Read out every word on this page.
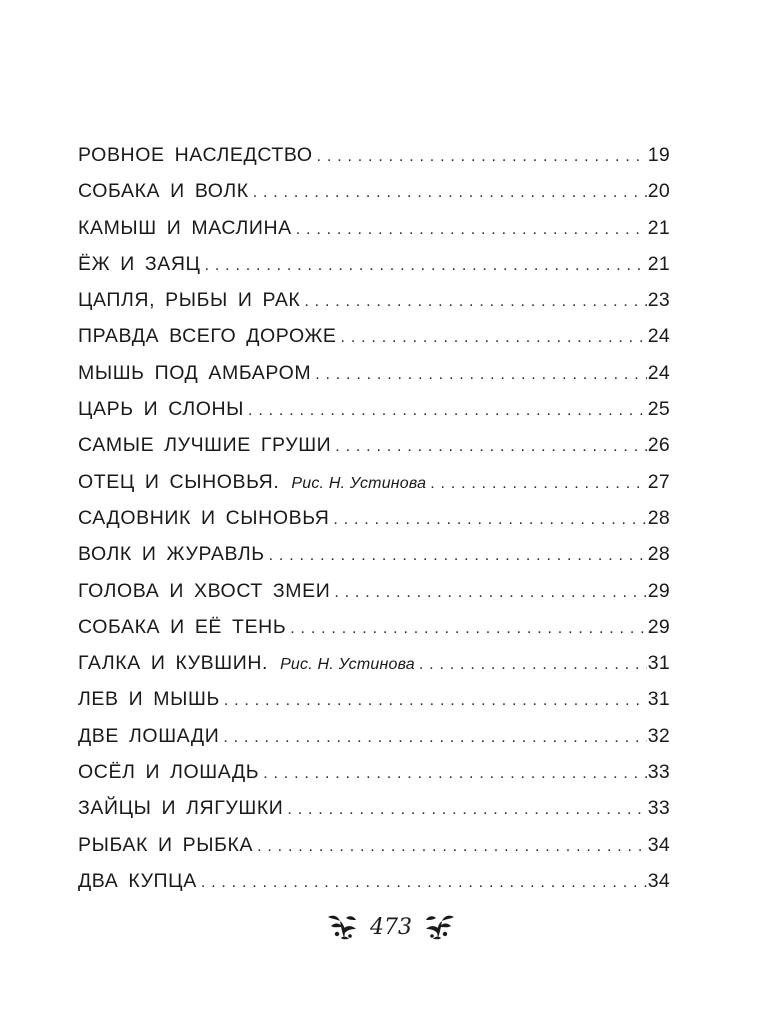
РОВНОЕ НАСЛЕДСТВО . . .	19
СОБАКА И ВОЛК . . .	20
КАМЫШ И МАСЛИНА . . .	21
ЁЖ И ЗАЯЦ . . .	21
ЦАПЛЯ, РЫБЫ И РАК . . .	23
ПРАВДА ВСЕГО ДОРОЖЕ . . .	24
МЫШЬ ПОД АМБАРОМ . . .	24
ЦАРЬ И СЛОНЫ . . .	25
САМЫЕ ЛУЧШИЕ ГРУШИ . . .	26
ОТЕЦ И СЫНОВЬЯ. Рис. Н. Устинова . . .	27
САДОВНИК И СЫНОВЬЯ . . .	28
ВОЛК И ЖУРАВЛЬ . . .	28
ГОЛОВА И ХВОСТ ЗМЕИ . . .	29
СОБАКА И ЕЁ ТЕНЬ . . .	29
ГАЛКА И КУВШИН. Рис. Н. Устинова . . .	31
ЛЕВ И МЫШЬ . . .	31
ДВЕ ЛОШАДИ . . .	32
ОСЁЛ И ЛОШАДЬ . . .	33
ЗАЙЦЫ И ЛЯГУШКИ . . .	33
РЫБАК И РЫБКА . . .	34
ДВА КУПЦА . . .	34
473
